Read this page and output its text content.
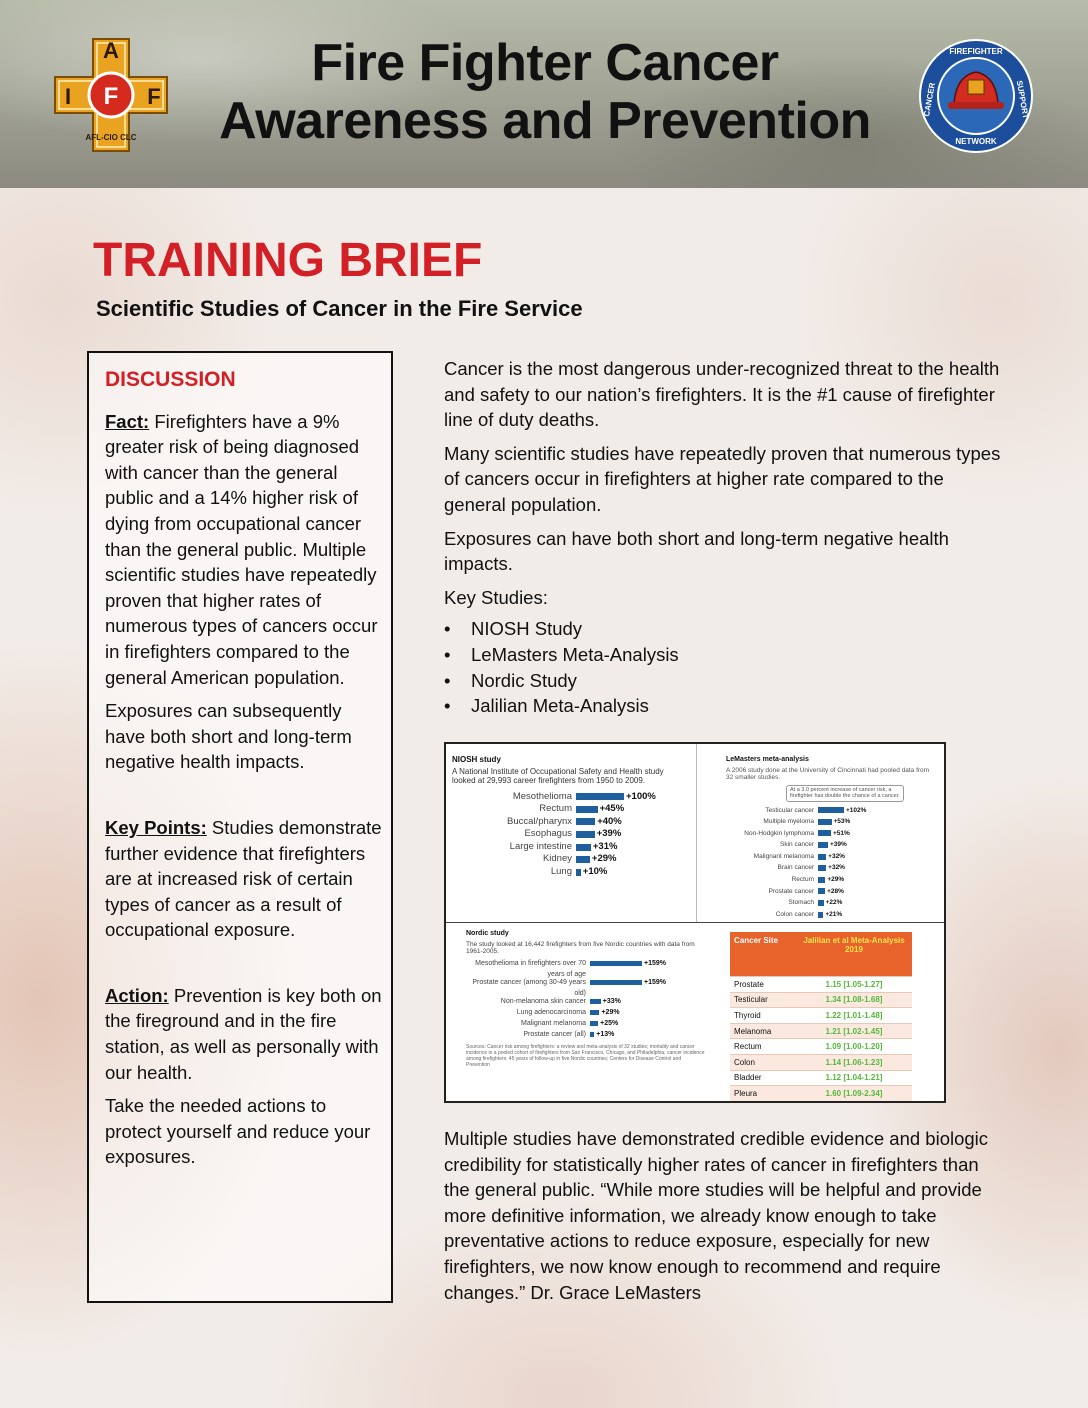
A
I F F
AFL-CIO CLC
Fire Fighter Cancer
Awareness and Prevention
FIREFIGHTER
CANCER	SUPPORT
NETWORK
TRAINING BRIEF
Scientific Studies of Cancer in the Fire Service
DISCUSSION

Fact: Firefighters have a 9% greater risk of being diagnosed with cancer than the general public and a 14% higher risk of dying from occupational cancer than the general public. Multiple scientific studies have repeatedly proven that higher rates of numerous types of cancers occur in firefighters compared to the general American population.

Exposures can subsequently have both short and long-term negative health impacts.

Key Points: Studies demonstrate further evidence that firefighters are at increased risk of certain types of cancer as a result of occupational exposure.

Action: Prevention is key both on the fireground and in the fire station, as well as personally with our health.

Take the needed actions to protect yourself and reduce your exposures.

Cancer is the most dangerous under-recognized threat to the health and safety to our nation’s firefighters. It is the #1 cause of firefighter line of duty deaths.

Many scientific studies have repeatedly proven that numerous types of cancers occur in firefighters at higher rate compared to the general population.

Exposures can have both short and long-term negative health impacts.

Key Studies:

• NIOSH Study
• LeMasters Meta-Analysis
• Nordic Study
• Jalilian Meta-Analysis
NIOSH study
A National Institute of Occupational Safety and Health study looked at 29,993 career firefighters from 1950 to 2009.
Mesothelioma	+100%
Rectum	+45%
Buccal/pharynx	+40%
Esophagus	+39%
Large intestine +31%
Kidney +29%
Lung +10%
LeMasters meta-analysis
A 2006 study done at the University of Cincinnati had pooled data from 32 smaller studies.
At a 3.0 percent increase of cancer risk, a firefighter has double the chance of a cancer.
Testicular cancer	+102%
Multiple myeloma	+53%
Non-Hodgkin lymphoma	+51%
Skin cancer +39%
Malignant melanoma +32%
Brain cancer +32%
Rectum +29%
Prostate cancer +28%
Stomach +22%
Colon cancer +21%
Nordic study
The study looked at 16,442 firefighters from five Nordic countries with data from 1961-2005.
Mesothelioma in firefighters over 70 years of age
+159%
Prostate cancer (among 30-49 years old)
+159%
Non-melanoma skin cancer +33%
Lung adenocarcinoma +29%
Malignant melanoma +25%
Prostate cancer (all) +13%
Sources: Cancer risk among firefighters: a review and meta-analysis of 32 studies; mortality and cancer incidence in a pooled cohort of firefighters from San Francisco, Chicago, and Philadelphia; cancer incidence among firefighters: 45 years of follow-up in five Nordic countries; Centers for Disease Control and Prevention
Cancer Site	Jalilian et al Meta-Analysis 2019
Prostate	1.15 [1.05-1.27]
Testicular	1.34 [1.08-1.68]
Thyroid	1.22 [1.01-1.48]
Melanoma	1.21 [1.02-1.45]
Rectum	1.09 [1.00-1.20]
Colon	1.14 [1.06-1.23]
Bladder	1.12 [1.04-1.21]
Pleura	1.60 [1.09-2.34]
Multiple studies have demonstrated credible evidence and biologic credibility for statistically higher rates of cancer in firefighters than the general public. “While more studies will be helpful and provide more definitive information, we already know enough to take preventative actions to reduce exposure, especially for new firefighters, we now know enough to recommend and require changes.” Dr. Grace LeMasters
